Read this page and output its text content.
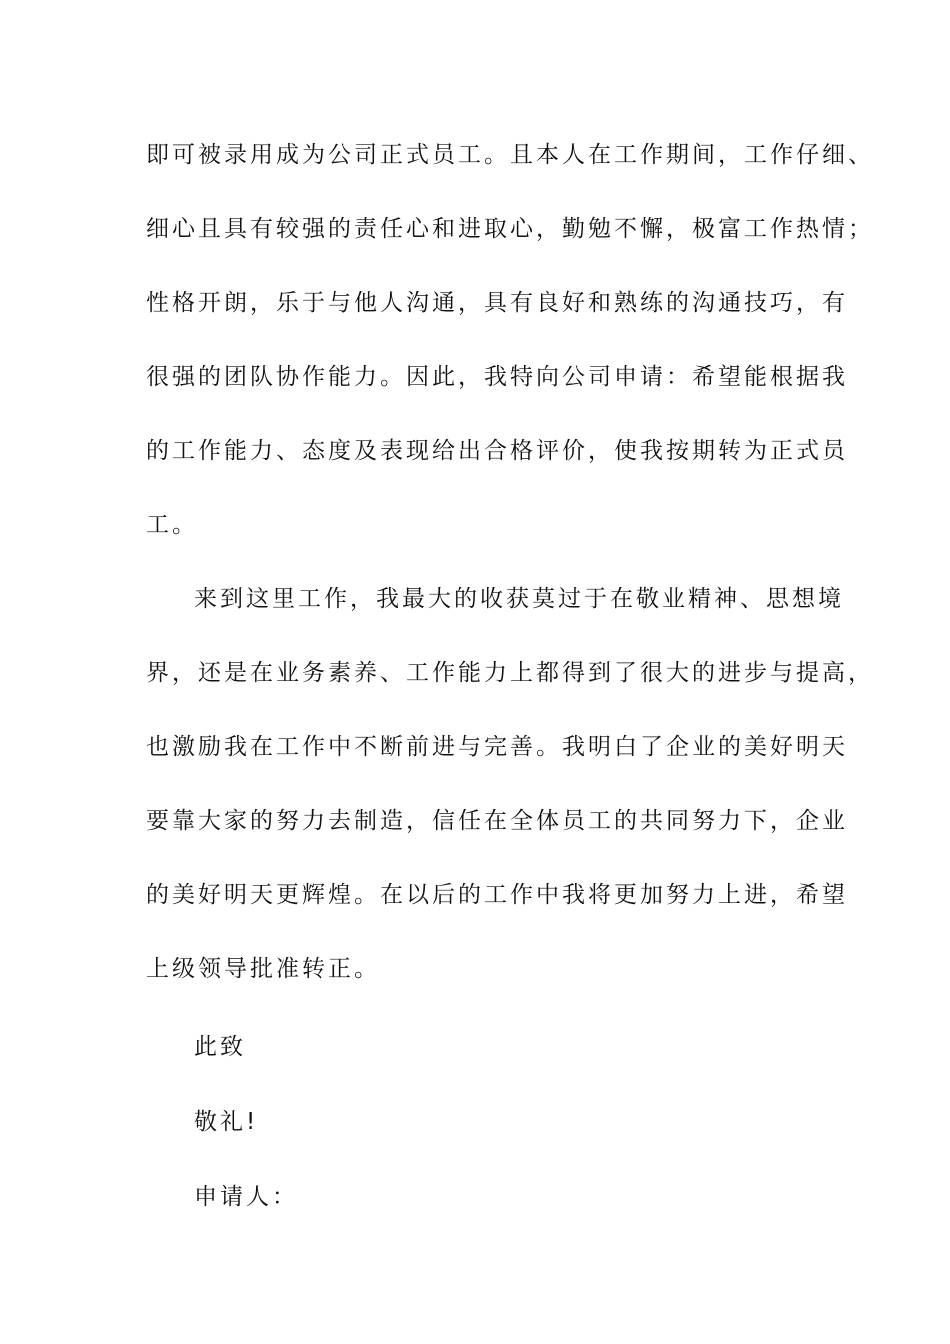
即可被录用成为公司正式员工。且本人在工作期间，工作仔细、
细心且具有较强的责任心和进取心，勤勉不懈，极富工作热情；
性格开朗，乐于与他人沟通，具有良好和熟练的沟通技巧，有
很强的团队协作能力。因此，我特向公司申请：希望能根据我
的工作能力、态度及表现给出合格评价，使我按期转为正式员
工。
来到这里工作，我最大的收获莫过于在敬业精神、思想境
界，还是在业务素养、工作能力上都得到了很大的进步与提高，
也激励我在工作中不断前进与完善。我明白了企业的美好明天
要靠大家的努力去制造，信任在全体员工的共同努力下，企业
的美好明天更辉煌。在以后的工作中我将更加努力上进，希望
上级领导批准转正。
此致
敬礼!
申请人：
